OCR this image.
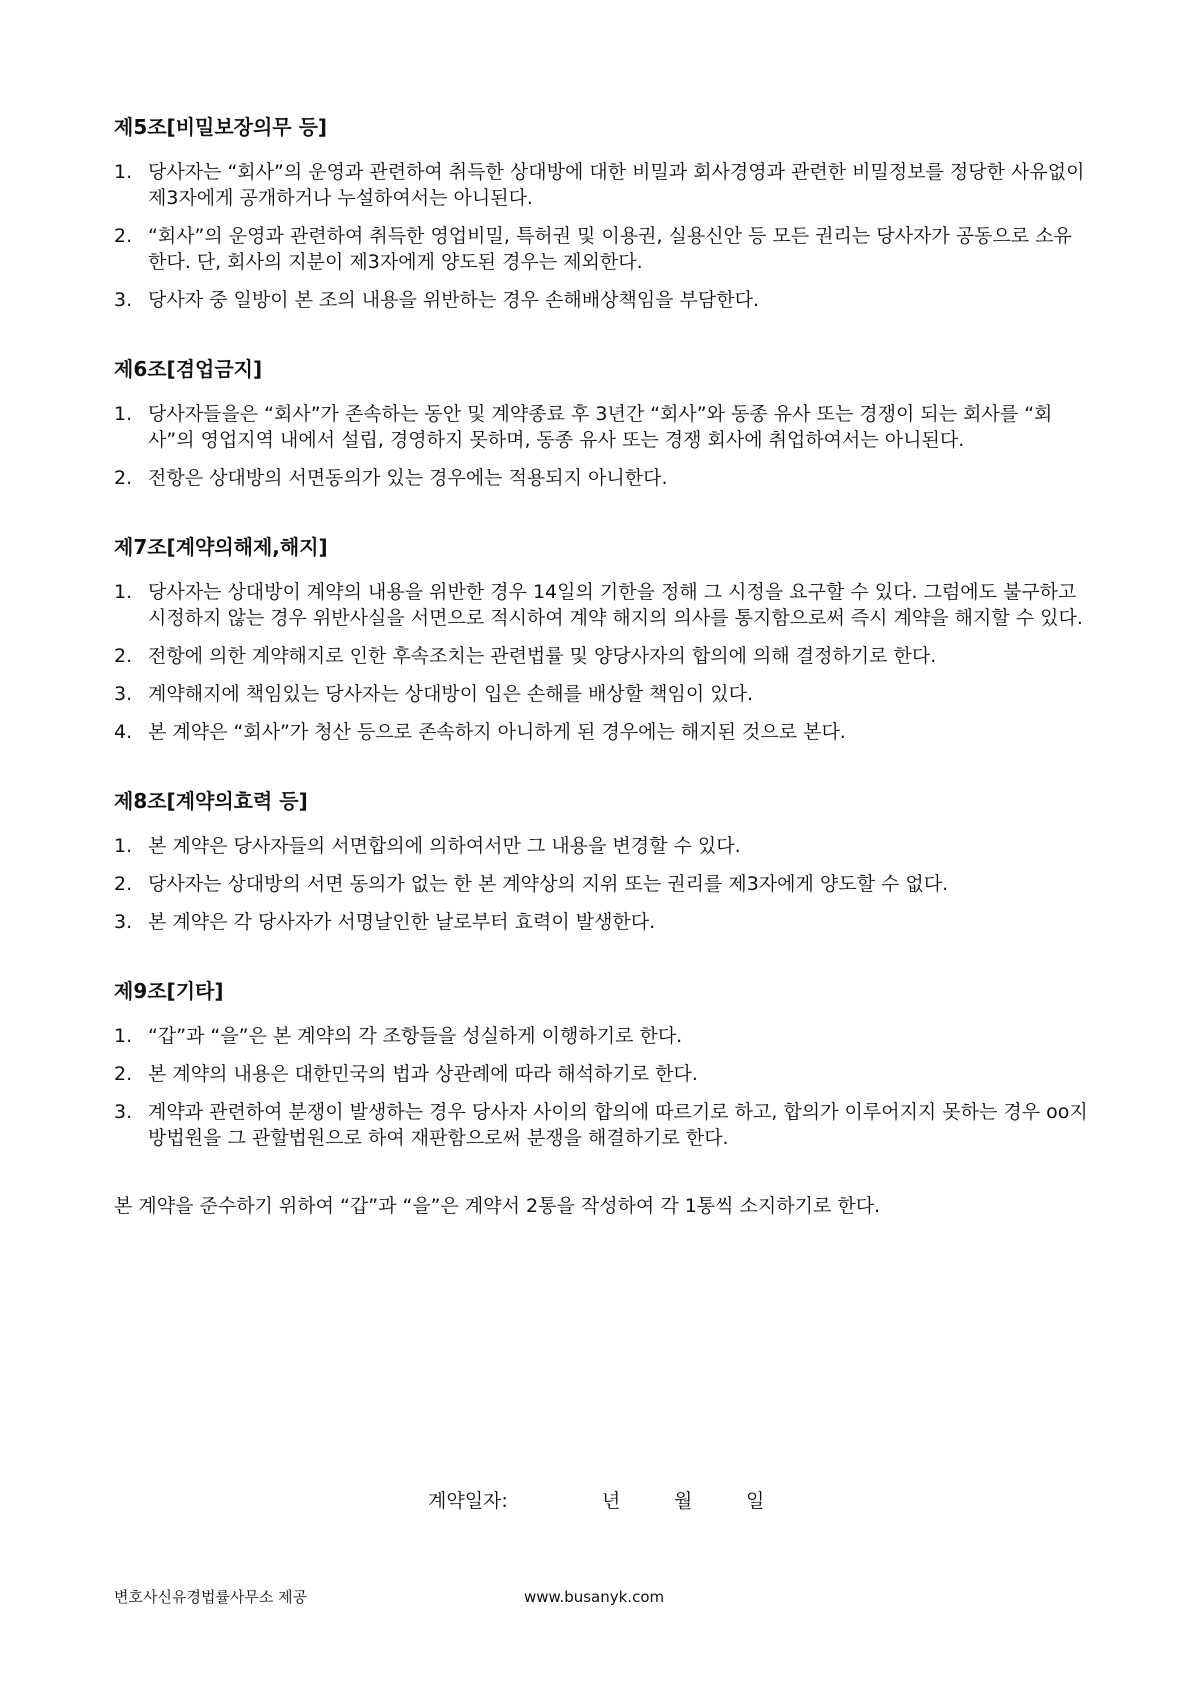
제5조[비밀보장의무 등]
1. 당사자는 “회사”의 운영과 관련하여 취득한 상대방에 대한 비밀과 회사경영과 관련한 비밀정보를 정당한 사유없이 제3자에게 공개하거나 누설하여서는 아니된다.
2. “회사”의 운영과 관련하여 취득한 영업비밀, 특허권 및 이용권, 실용신안 등 모든 권리는 당사자가 공동으로 소유한다. 단, 회사의 지분이 제3자에게 양도된 경우는 제외한다.
3. 당사자 중 일방이 본 조의 내용을 위반하는 경우 손해배상책임을 부담한다.
제6조[겸업금지]
1. 당사자들을은 “회사”가 존속하는 동안 및 계약종료 후 3년간 “회사”와 동종 유사 또는 경쟁이 되는 회사를 “회사”의 영업지역 내에서 설립, 경영하지 못하며, 동종 유사 또는 경쟁 회사에 취업하여서는 아니된다.
2. 전항은 상대방의 서면동의가 있는 경우에는 적용되지 아니한다.
제7조[계약의해제,해지]
1. 당사자는 상대방이 계약의 내용을 위반한 경우 14일의 기한을 정해 그 시정을 요구할 수 있다. 그럼에도 불구하고 시정하지 않는 경우 위반사실을 서면으로 적시하여 계약 해지의 의사를 통지함으로써 즉시 계약을 해지할 수 있다.
2. 전항에 의한 계약해지로 인한 후속조치는 관련법률 및 양당사자의 합의에 의해 결정하기로 한다.
3. 계약해지에 책임있는 당사자는 상대방이 입은 손해를 배상할 책임이 있다.
4. 본 계약은 “회사”가 청산 등으로 존속하지 아니하게 된 경우에는 해지된 것으로 본다.
제8조[계약의효력 등]
1. 본 계약은 당사자들의 서면합의에 의하여서만 그 내용을 변경할 수 있다.
2. 당사자는 상대방의 서면 동의가 없는 한 본 계약상의 지위 또는 권리를 제3자에게 양도할 수 없다.
3. 본 계약은 각 당사자가 서명날인한 날로부터 효력이 발생한다.
제9조[기타]
1. “갑”과 “을”은 본 계약의 각 조항들을 성실하게 이행하기로 한다.
2. 본 계약의 내용은 대한민국의 법과 상관례에 따라 해석하기로 한다.
3. 계약과 관련하여 분쟁이 발생하는 경우 당사자 사이의 합의에 따르기로 하고, 합의가 이루어지지 못하는 경우 oo지방법원을 그 관할법원으로 하여 재판함으로써 분쟁을 해결하기로 한다.
본 계약을 준수하기 위하여 “갑”과 “을”은 계약서 2통을 작성하여 각 1통씩 소지하기로 한다.
계약일자:	년	월	일
변호사신유경법률사무소 제공	www.busanyk.com
